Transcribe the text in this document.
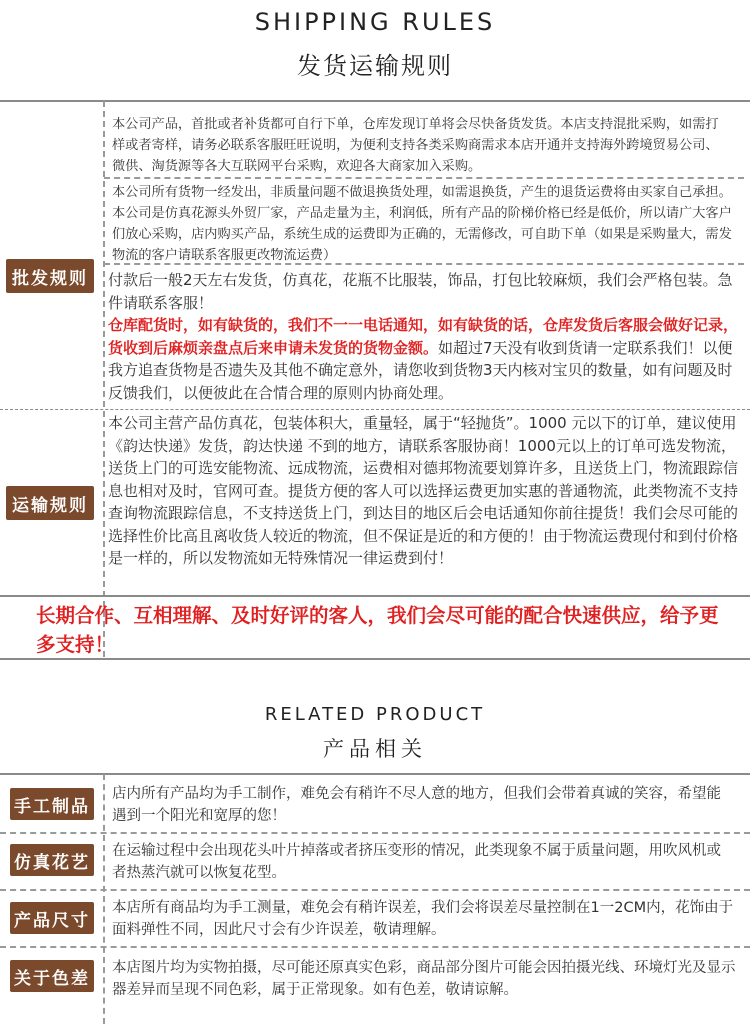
SHIPPING RULES
发货运输规则

本公司产品，首批或者补货都可自行下单，仓库发现订单将会尽快备货发货。本店支持混批采购，如需打样或者寄样，请务必联系客服旺旺说明，为便利支持各类采购商需求本店开通并支持海外跨境贸易公司、微供、淘货源等各大互联网平台采购，欢迎各大商家加入采购。

本公司所有货物一经发出，非质量问题不做退换货处理，如需退换货，产生的退货运费将由买家自己承担。本公司是仿真花源头外贸厂家，产品走量为主，利润低，所有产品的阶梯价格已经是低价，所以请广大客户们放心采购，店内购买产品，系统生成的运费即为正确的，无需修改，可自助下单（如果是采购量大，需发物流的客户请联系客服更改物流运费）

批发规则	付款后一般2天左右发货，仿真花，花瓶不比服装，饰品，打包比较麻烦，我们会严格包装。急件请联系客服！
仓库配货时，如有缺货的，我们不一一电话通知，如有缺货的话，仓库发货后客服会做好记录，货收到后麻烦亲盘点后来申请未发货的货物金额。如超过7天没有收到货请一定联系我们！以便我方追查货物是否遗失及其他不确定意外，请您收到货物3天内核对宝贝的数量，如有问题及时反馈我们，以便彼此在合情合理的原则内协商处理。

运输规则

本公司主营产品仿真花，包装体积大，重量轻，属于“轻抛货”。1000 元以下的订单，建议使用《韵达快递》发货，韵达快递 不到的地方，请联系客服协商！1000元以上的订单可选发物流，送货上门的可选安能物流、远成物流，运费相对德邦物流要划算许多，且送货上门，物流跟踪信息也相对及时，官网可查。提货方便的客人可以选择运费更加实惠的普通物流，此类物流不支持查询物流跟踪信息，不支持送货上门，到达目的地区后会电话通知你前往提货！我们会尽可能的选择性价比高且离收货人较近的物流，但不保证是近的和方便的！由于物流运费现付和到付价格是一样的，所以发物流如无特殊情况一律运费到付！

长期合作、互相理解、及时好评的客人，我们会尽可能的配合快速供应，给予更多支持！

RELATED PRODUCT
产品相关
手工制品

店内所有产品均为手工制作，难免会有稍许不尽人意的地方，但我们会带着真诚的笑容，希望能遇到一个阳光和宽厚的您！

仿真花艺

在运输过程中会出现花头叶片掉落或者挤压变形的情况，此类现象不属于质量问题，用吹风机或者热蒸汽就可以恢复花型。

产品尺寸

本店所有商品均为手工测量，难免会有稍许误差，我们会将误差尽量控制在1一2CM内，花饰由于面料弹性不同，因此尺寸会有少许误差，敬请理解。

关于色差

本店图片均为实物拍摄，尽可能还原真实色彩，商品部分图片可能会因拍摄光线、环境灯光及显示器差异而呈现不同色彩，属于正常现象。如有色差，敬请谅解。
